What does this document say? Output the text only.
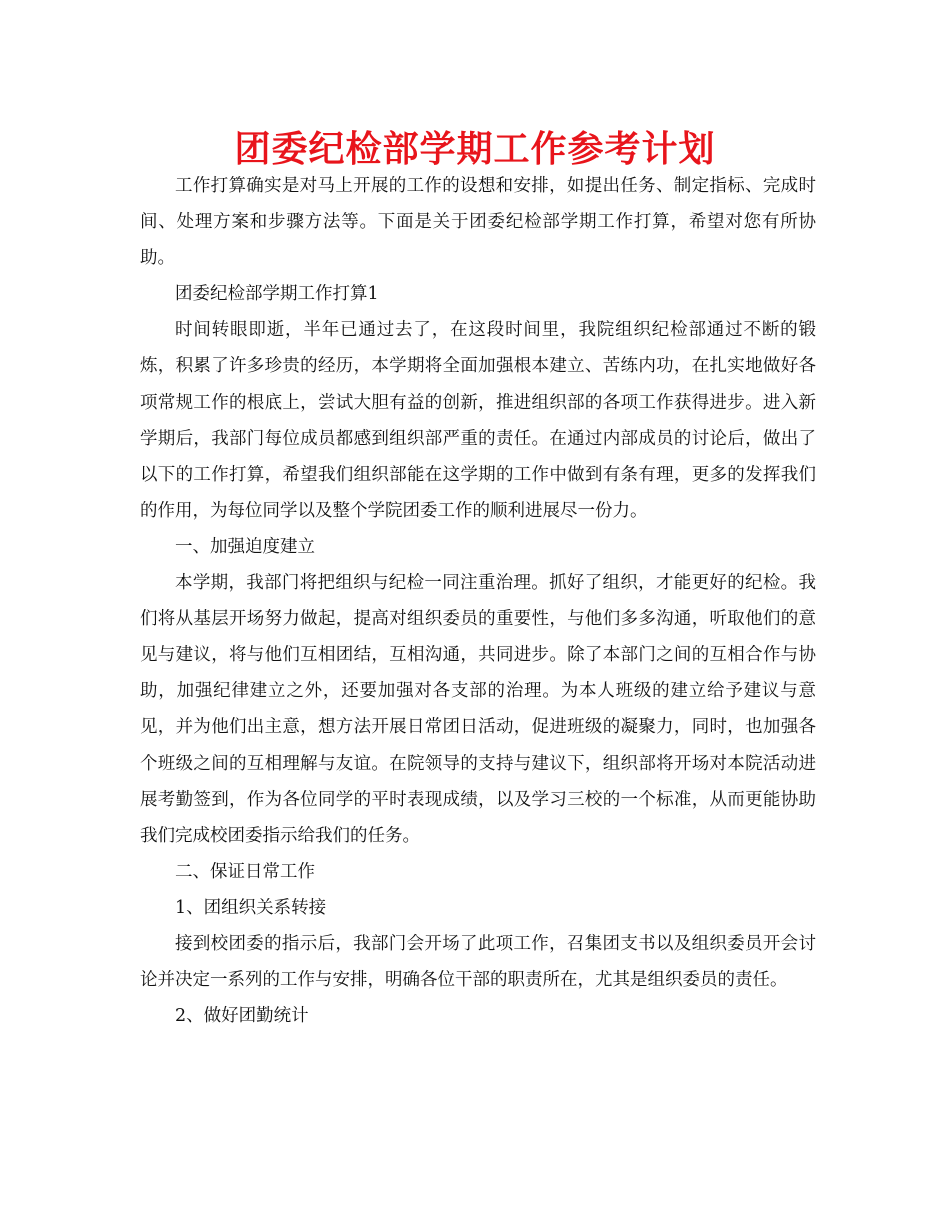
团委纪检部学期工作参考计划

工作打算确实是对马上开展的工作的设想和安排，如提出任务、制定指标、完成时间、处理方案和步骤方法等。下面是关于团委纪检部学期工作打算，希望对您有所协助。

团委纪检部学期工作打算1

时间转眼即逝，半年已通过去了，在这段时间里，我院组织纪检部通过不断的锻炼，积累了许多珍贵的经历，本学期将全面加强根本建立、苦练内功，在扎实地做好各项常规工作的根底上，尝试大胆有益的创新，推进组织部的各项工作获得进步。进入新学期后，我部门每位成员都感到组织部严重的责任。在通过内部成员的讨论后，做出了以下的工作打算，希望我们组织部能在这学期的工作中做到有条有理，更多的发挥我们的作用，为每位同学以及整个学院团委工作的顺利进展尽一份力。

一、加强迫度建立

本学期，我部门将把组织与纪检一同注重治理。抓好了组织，才能更好的纪检。我们将从基层开场努力做起，提高对组织委员的重要性，与他们多多沟通，听取他们的意见与建议，将与他们互相团结，互相沟通，共同进步。除了本部门之间的互相合作与协助，加强纪律建立之外，还要加强对各支部的治理。为本人班级的建立给予建议与意见，并为他们出主意，想方法开展日常团日活动，促进班级的凝聚力，同时，也加强各个班级之间的互相理解与友谊。在院领导的支持与建议下，组织部将开场对本院活动进展考勤签到，作为各位同学的平时表现成绩，以及学习三校的一个标准，从而更能协助我们完成校团委指示给我们的任务。

二、保证日常工作

1、团组织关系转接

接到校团委的指示后，我部门会开场了此项工作，召集团支书以及组织委员开会讨论并决定一系列的工作与安排，明确各位干部的职责所在，尤其是组织委员的责任。

2、做好团勤统计
